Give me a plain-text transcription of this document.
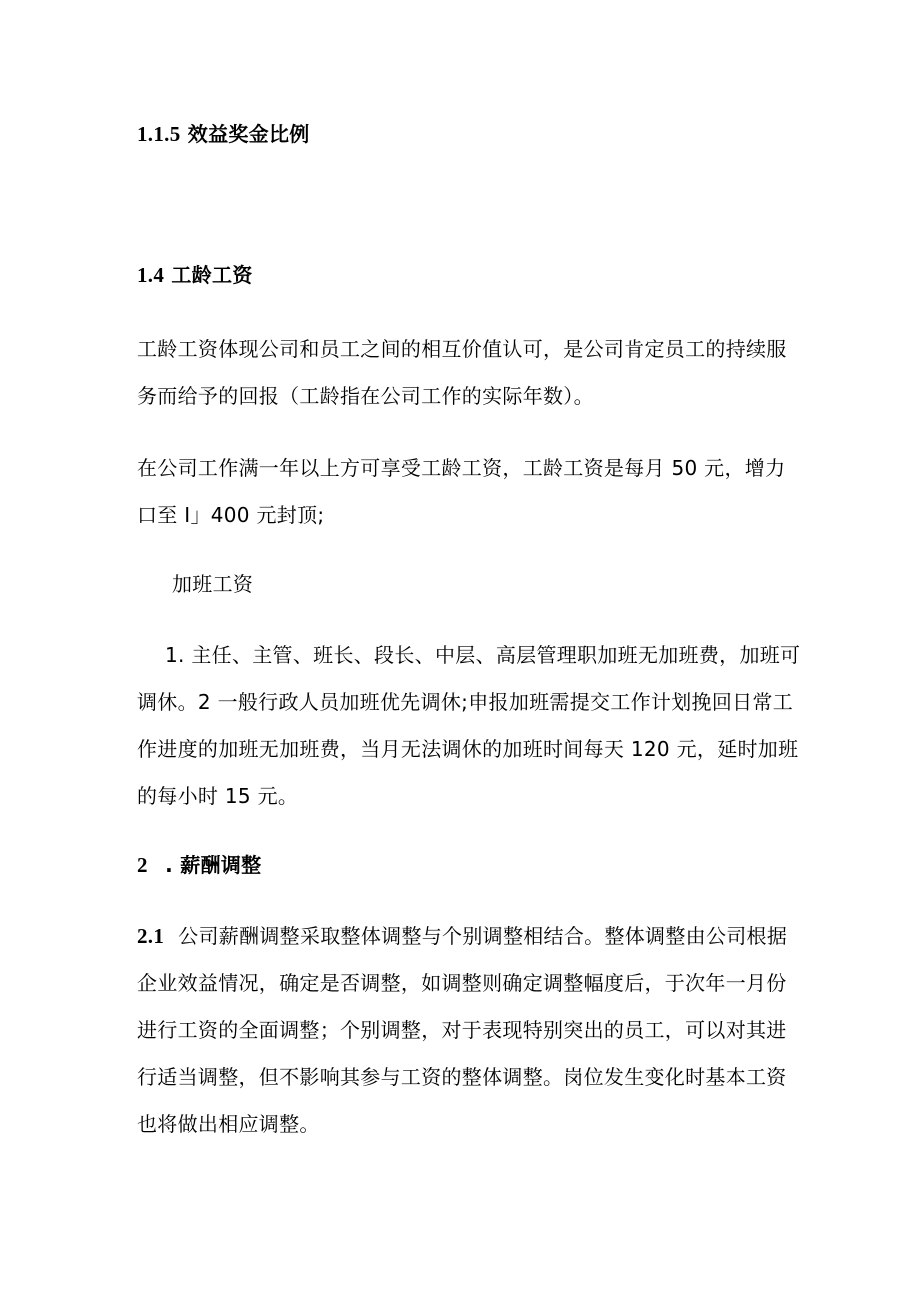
1.1.5 效益奖金比例
1.4 工龄工资
工龄工资体现公司和员工之间的相互价值认可，是公司肯定员工的持续服
务而给予的回报（工龄指在公司工作的实际年数）。
在公司工作满一年以上方可享受工龄工资，工龄工资是每月 50 元，增力
口至 I」400 元封顶;
加班工资
1. 主任、主管、班长、段长、中层、高层管理职加班无加班费，加班可
调休。2 一般行政人员加班优先调休;申报加班需提交工作计划挽回日常工
作进度的加班无加班费，当月无法调休的加班时间每天 120 元，延时加班
的每小时 15 元。
2 . 薪酬调整
2.1 公司薪酬调整采取整体调整与个别调整相结合。整体调整由公司根据
企业效益情况，确定是否调整，如调整则确定调整幅度后，于次年一月份
进行工资的全面调整；个别调整，对于表现特别突出的员工，可以对其进
行适当调整，但不影响其参与工资的整体调整。岗位发生变化时基本工资
也将做出相应调整。
